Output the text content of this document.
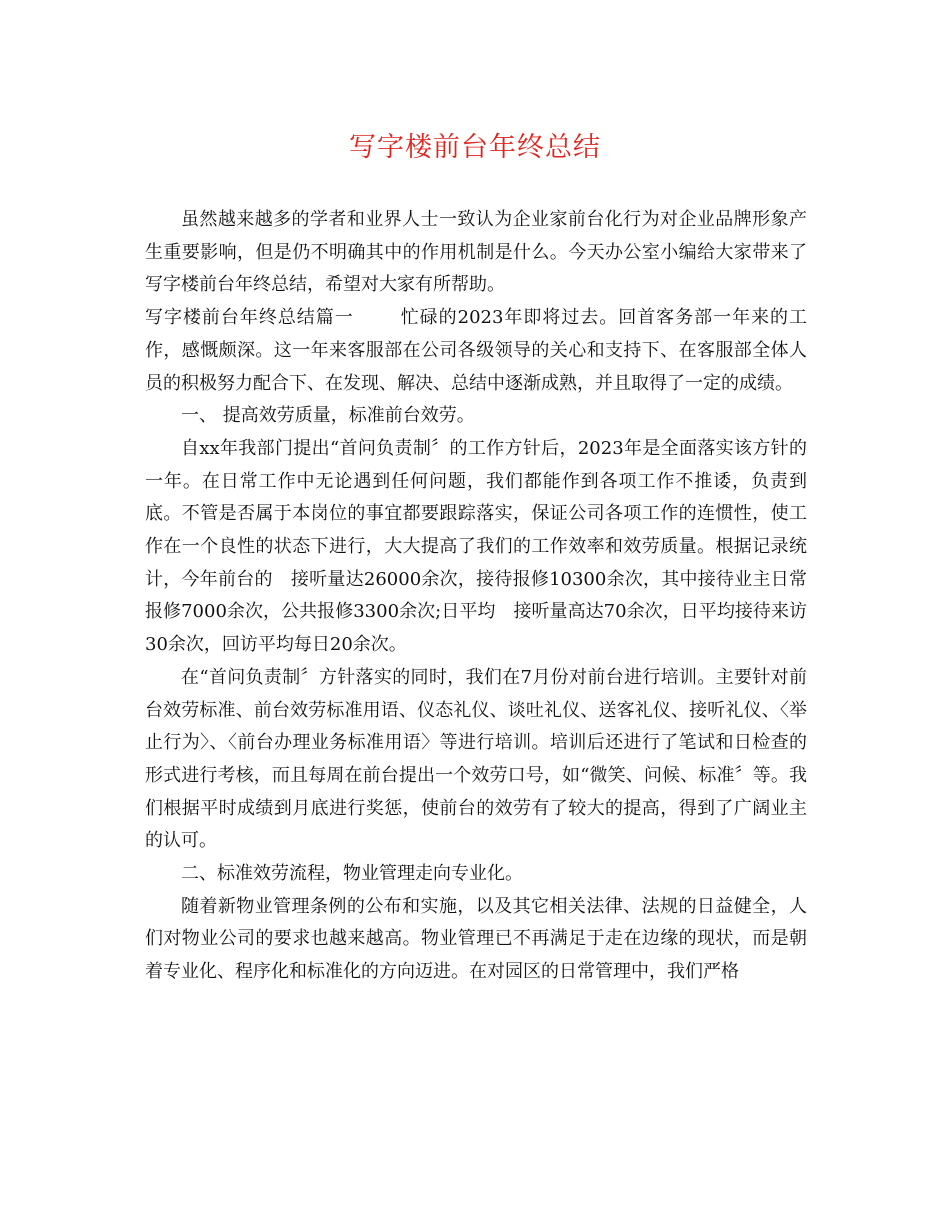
写字楼前台年终总结

虽然越来越多的学者和业界人士一致认为企业家前台化行为对企业品牌形象产生重要影响，但是仍不明确其中的作用机制是什么。今天办公室小编给大家带来了写字楼前台年终总结，希望对大家有所帮助。

写字楼前台年终总结篇一	忙碌的2023年即将过去。回首客务部一年来的工作，感慨颇深。这一年来客服部在公司各级领导的关心和支持下、在客服部全体人员的积极努力配合下、在发现、解决、总结中逐渐成熟，并且取得了一定的成绩。

一、 提高效劳质量，标准前台效劳。

自xx年我部门提出“首问负责制〞的工作方针后，2023年是全面落实该方针的一年。在日常工作中无论遇到任何问题，我们都能作到各项工作不推诿，负责到底。不管是否属于本岗位的事宜都要跟踪落实，保证公司各项工作的连惯性，使工作在一个良性的状态下进行，大大提高了我们的工作效率和效劳质量。根据记录统计，今年前台的　接听量达26000余次，接待报修10300余次，其中接待业主日常报修7000余次，公共报修3300余次;日平均　接听量高达70余次，日平均接待来访30余次，回访平均每日20余次。

在“首问负责制〞方针落实的同时，我们在7月份对前台进行培训。主要针对前台效劳标准、前台效劳标准用语、仪态礼仪、谈吐礼仪、送客礼仪、接听礼仪、〈举止行为〉、〈前台办理业务标准用语〉等进行培训。培训后还进行了笔试和日检查的形式进行考核，而且每周在前台提出一个效劳口号，如“微笑、问候、标准〞等。我们根据平时成绩到月底进行奖惩，使前台的效劳有了较大的提高，得到了广阔业主的认可。

二、标准效劳流程，物业管理走向专业化。

随着新物业管理条例的公布和实施，以及其它相关法律、法规的日益健全，人们对物业公司的要求也越来越高。物业管理已不再满足于走在边缘的现状，而是朝着专业化、程序化和标准化的方向迈进。在对园区的日常管理中，我们严格
